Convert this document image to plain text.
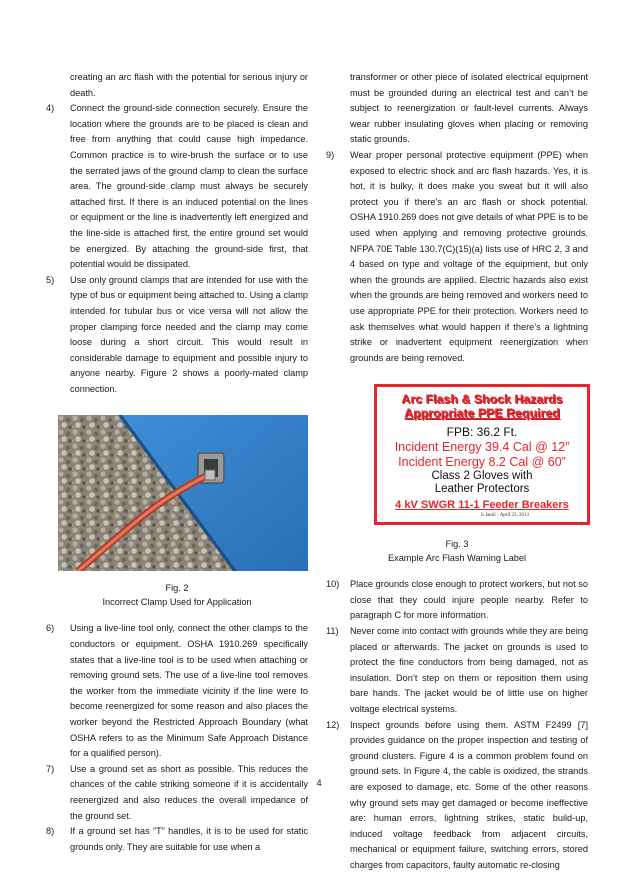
creating an arc flash with the potential for serious injury or death.

4) Connect the ground-side connection securely. Ensure the location where the grounds are to be placed is clean and free from anything that could cause high impedance. Common practice is to wire-brush the surface or to use the serrated jaws of the ground clamp to clean the surface area. The ground-side clamp must always be securely attached first. If there is an induced potential on the lines or equipment or the line is inadvertently left energized and the line-side is attached first, the entire ground set would be energized. By attaching the ground-side first, that potential would be dissipated.

5) Use only ground clamps that are intended for use with the type of bus or equipment being attached to. Using a clamp intended for tubular bus or vice versa will not allow the proper clamping force needed and the clamp may come loose during a short circuit. This would result in considerable damage to equipment and possible injury to anyone nearby. Figure 2 shows a poorly-mated clamp connection.

Fig. 2

Incorrect Clamp Used for Application

6) Using a live-line tool only, connect the other clamps to the conductors or equipment. OSHA 1910.269 specifically states that a live-line tool is to be used when attaching or removing ground sets. The use of a live-line tool removes the worker from the immediate vicinity if the line were to become reenergized for some reason and also places the worker beyond the Restricted Approach Boundary (what OSHA refers to as the Minimum Safe Approach Distance for a qualified person).

7) Use a ground set as short as possible. This reduces the chances of the cable striking someone if it is accidentally reenergized and also reduces the overall impedance of the ground set.

8) If a ground set has “T” handles, it is to be used for static grounds only. They are suitable for use when a

transformer or other piece of isolated electrical equipment must be grounded during an electrical test and can’t be subject to reenergization or fault-level currents. Always wear rubber insulating gloves when placing or removing static grounds.

9) Wear proper personal protective equipment (PPE) when exposed to electric shock and arc flash hazards. Yes, it is hot, it is bulky, it does make you sweat but it will also protect you if there’s an arc flash or shock potential. OSHA 1910.269 does not give details of what PPE is to be used when applying and removing protective grounds. NFPA 70E Table 130.7(C)(15)(a) lists use of HRC 2, 3 and 4 based on type and voltage of the equipment, but only when the grounds are applied. Electric hazards also exist when the grounds are being removed and workers need to use appropriate PPE for their protection. Workers need to ask themselves what would happen if there’s a lightning strike or inadvertent equipment reenergization when grounds are being removed.

Arc Flash & Shock Hazards
Appropriate PPE Required
FPB: 36.2 Ft.
Incident Energy 39.4 Cal @ 12”
Incident Energy 8.2 Cal @ 60”
Class 2 Gloves with
Leather Protectors
4 kV SWGR 11-1 Feeder Breakers
S Jamil - April 23, 2013

Fig. 3

Example Arc Flash Warning Label

10) Place grounds close enough to protect workers, but not so close that they could injure people nearby. Refer to paragraph C for more information.

11) Never come into contact with grounds while they are being placed or afterwards. The jacket on grounds is used to protect the fine conductors from being damaged, not as insulation. Don’t step on them or reposition them using bare hands. The jacket would be of little use on higher voltage electrical systems.

12) Inspect grounds before using them. ASTM F2499 [7] provides guidance on the proper inspection and testing of ground clusters. Figure 4 is a common problem found on ground sets. In Figure 4, the cable is oxidized, the strands are exposed to damage, etc. Some of the other reasons why ground sets may get damaged or become ineffective are: human errors, lightning strikes, static build-up, induced voltage feedback from adjacent circuits, mechanical or equipment failure, switching errors, stored charges from capacitors, faulty automatic re-closing

4
